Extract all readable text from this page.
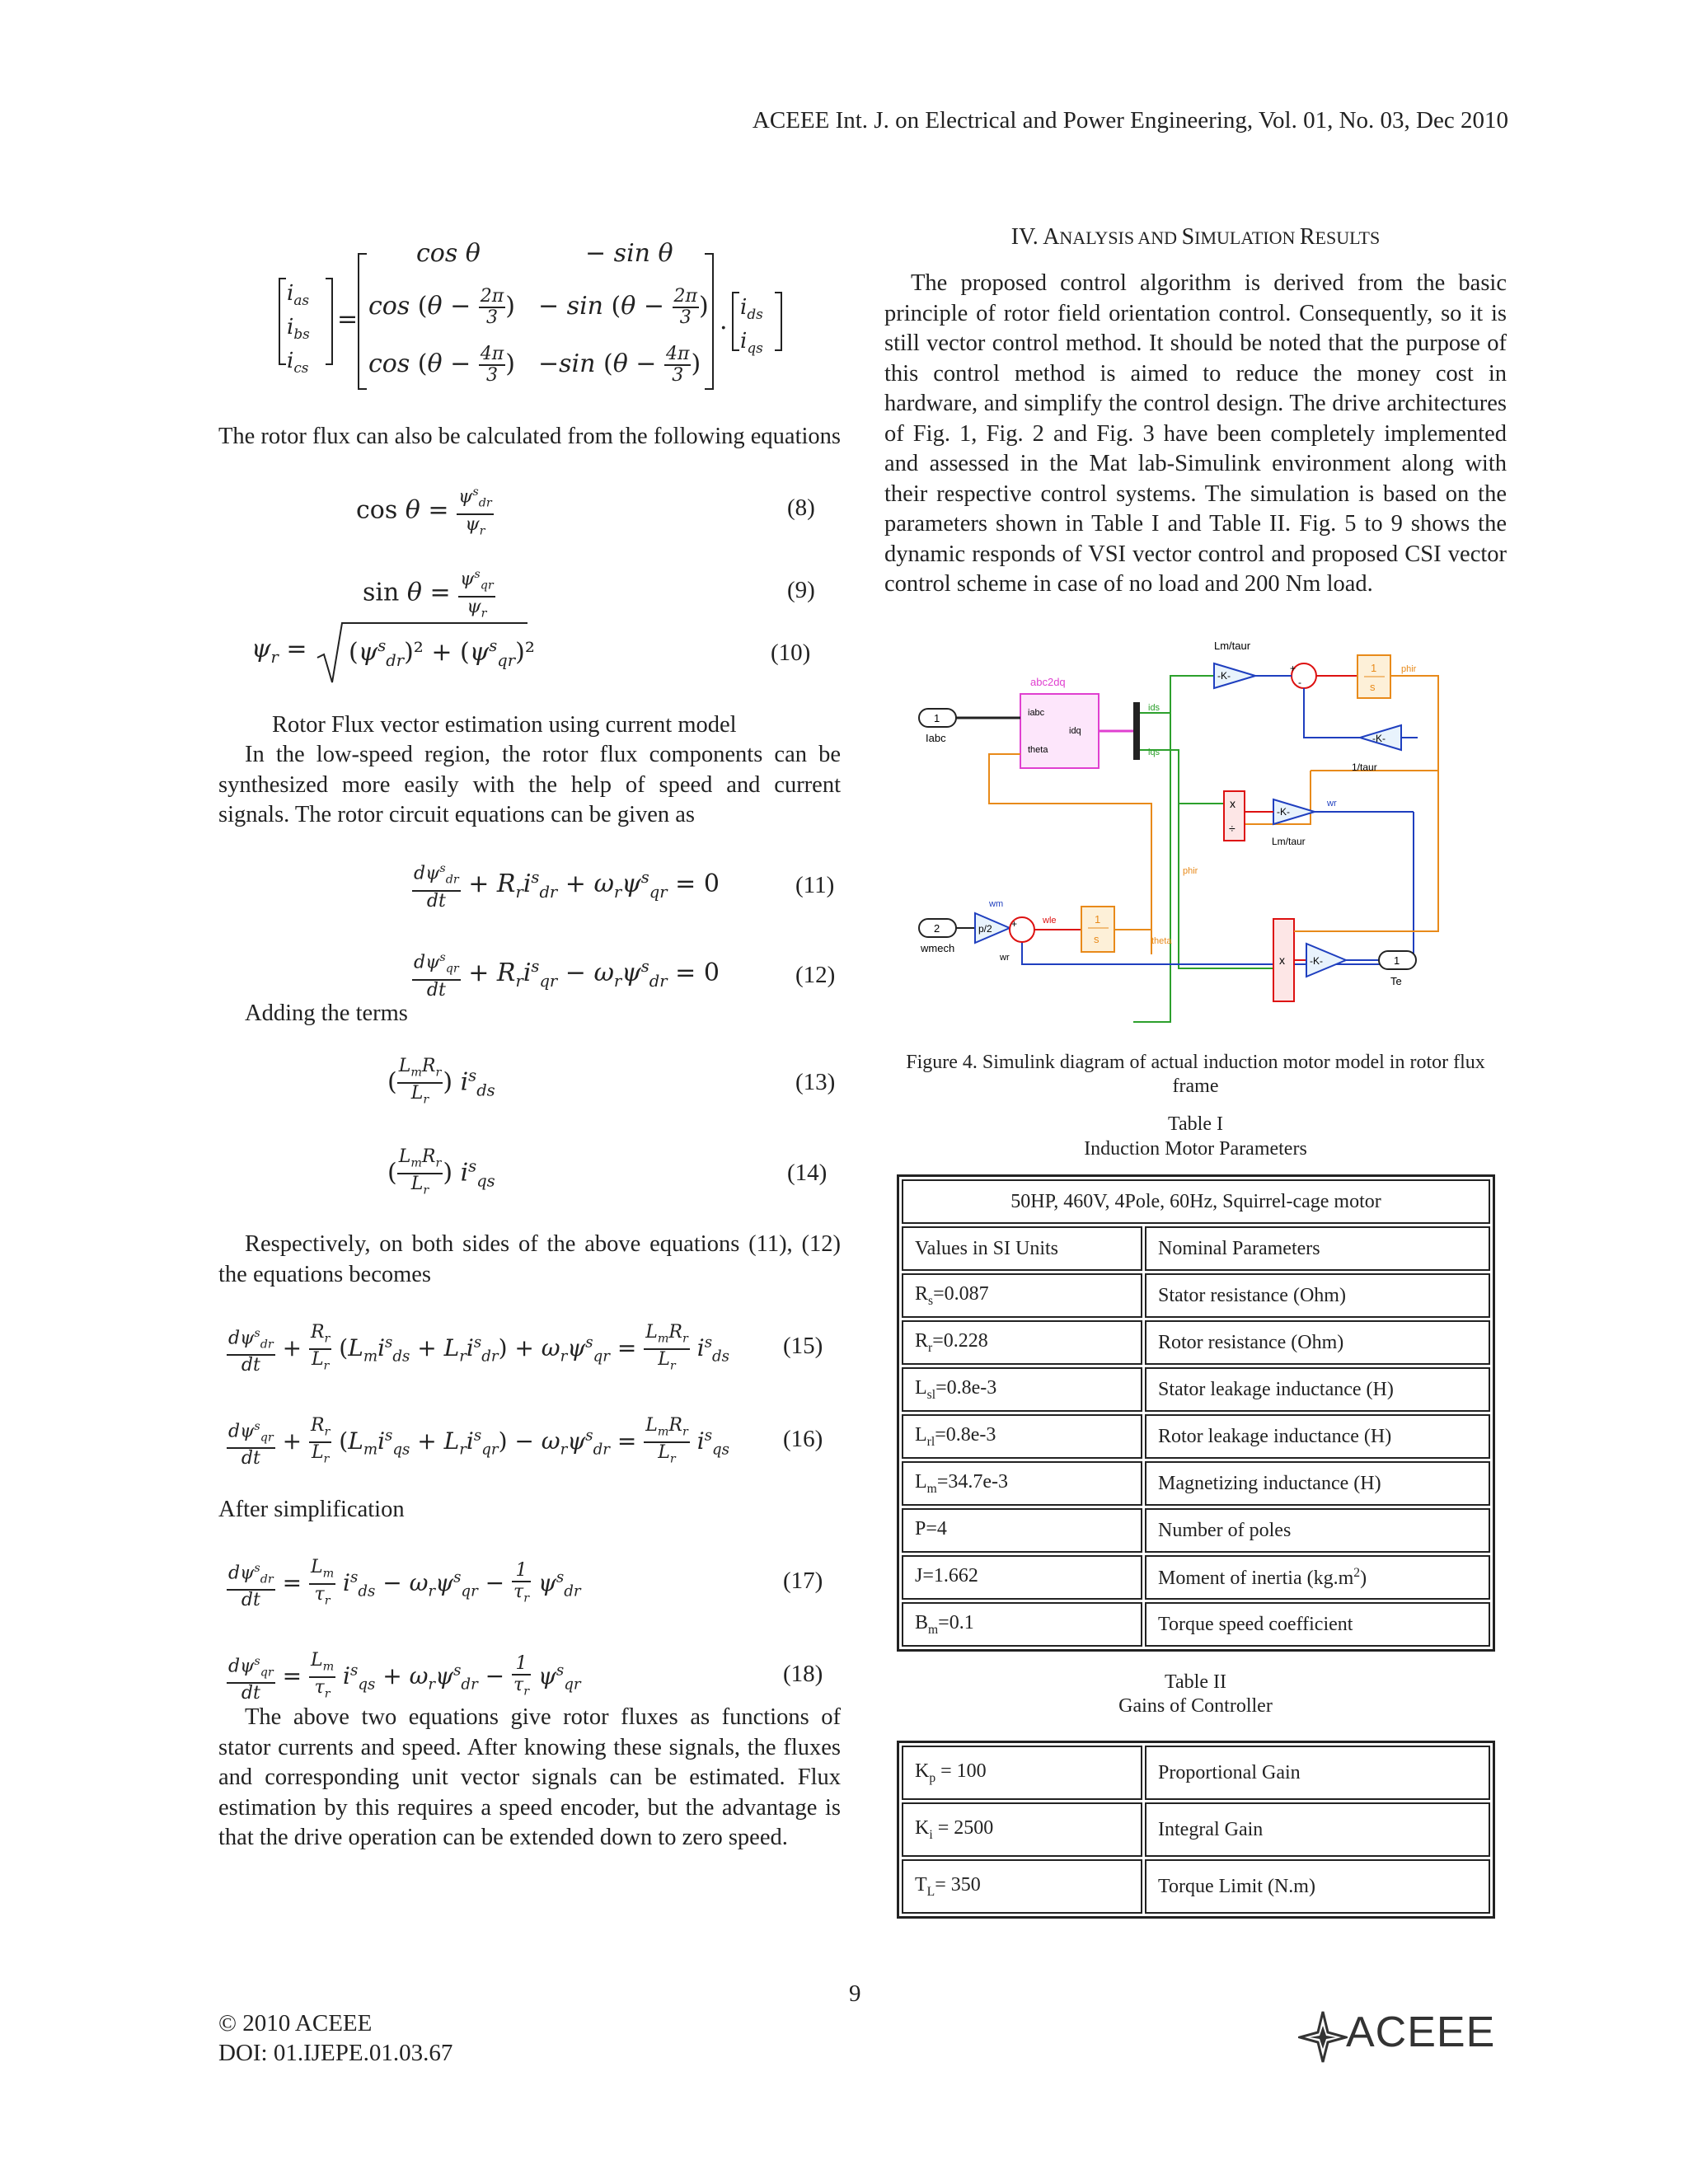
ACEEE Int. J. on Electrical and Power Engineering, Vol. 01, No. 03, Dec 2010
$i_{as}$
$i_{bs}$
$i_{cs}$
=
cos θ	− sin θ
$\cos (\theta - \frac{2\pi}{3}$ ) − $\sin (\theta - \frac{2\pi}{3}$ )
$\cos (\theta - \frac{4\pi}{3}$ ) −sin ($\theta - \frac{4\pi}{3}$ )
. $i_{ds}$
$i_{qs}$
The rotor flux can also be calculated from the following equations
$\cos \theta = \frac{\psi^s_{dr}}{\psi_r}$	(8)
$\sin \theta = \frac{\psi^s_{qr}}{\psi_r}$	(9)
$\psi_r = (\psi^s_{dr})^2 + (\psi^s_{qr})^2$	(10)
Rotor Flux vector estimation using current model
In the low-speed region, the rotor flux components can be synthesized more easily with the help of speed and current signals. The rotor circuit equations can be given as
$\frac{d\psi^s_{dr}}{dt} + R_ri^s_{dr} + \omega_r\psi^s_{qr} = 0$	(11)
$\frac{d\psi^s_{qr}}{dt} + R_ri^s_{qr} - \omega_r\psi^s_{dr} = 0$	(12)
Adding the terms
( $\frac{L_mR_r}{L_r}$ ) $i^s_{ds}$	(13)
( $\frac{L_mR_r}{L_r}$ ) $i^s_{qs}$	(14)
Respectively, on both sides of the above equations (11), (12) the equations becomes
$\frac{d\psi^s_{dr}}{dt} + \frac{R_r}{L_r} (L_mi^s_{ds} + L_ri^s_{dr}) + \omega_r\psi^s_{qr} = \frac{L_mR_r}{L_r} i^s_{ds}$ (15)
$\frac{d\psi^s_{qr}}{dt} + \frac{R_r}{L_r} (L_mi^s_{qs} + L_ri^s_{qr}) - \omega_r\psi^s_{dr} = \frac{L_mR_r}{L_r} i^s_{qs}$ (16)
After simplification
$\frac{d\psi^s_{dr}}{dt} = \frac{L_m}{\tau_r} i^s_{ds} - \omega_r\psi^s_{qr} - \frac{1}{\tau_r} \psi^s_{dr}$	(17)
$\frac{d\psi^s_{qr}}{dt} = \frac{L_m}{\tau_r} i^s_{qs} + \omega_r\psi^s_{dr} - \frac{1}{\tau_r} \psi^s_{qr}$	(18)
The above two equations give rotor fluxes as functions of stator currents and speed. After knowing these signals, the fluxes and corresponding unit vector signals can be estimated. Flux estimation by this requires a speed encoder, but the advantage is that the drive operation can be extended down to zero speed.
IV. ANALYSIS AND SIMULATION RESULTS
The proposed control algorithm is derived from the basic principle of rotor field orientation control. Consequently, so it is still vector control method. It should be noted that the purpose of this control method is aimed to reduce the money cost in hardware, and simplify the control design. The drive architectures of Fig. 1, Fig. 2 and Fig. 3 have been completely implemented and assessed in the Mat lab-Simulink environment along with their respective control systems. The simulation is based on the parameters shown in Table I and Table II. Fig. 5 to 9 shows the dynamic responds of VSI vector control and proposed CSI vector control scheme in case of no load and 200 Nm load.
abc2dq
iabc
theta
idq
1
Iabc
ids
iqs
-K-
Lm/taur
+
-
1
s
phir
-K-
1/taur
phir
x
÷
-K-
Lm/taur
wr
2
wmech
p/2
wm
+	wle
wr
1
s	theta
x	-K-	1
Te
Figure 4. Simulink diagram of actual induction motor model in rotor flux frame
Table I
Induction Motor Parameters
50HP, 460V, 4Pole, 60Hz, Squirrel-cage motor	
Values in SI Units	Nominal Parameters
$R_s=0.087$	Stator resistance (Ohm)
$R_r=0.228$	Rotor resistance (Ohm)
$L_{sl}=0.8e-3$	Stator leakage inductance (H)
$L_{rl}=0.8e-3$	Rotor leakage inductance (H)
$L_m=34.7e-3$	Magnetizing inductance (H)
P=4	Number of poles
J=1.662	Moment of inertia $(kg.m^2)$
$B_m=0.1$	Torque speed coefficient
Table II
Gains of Controller
$K_p = 100$	Proportional Gain
$K_i = 2500$	Integral Gain
$T_L= 350$	Torque Limit (N.m)
9
© 2010 ACEEE
DOI: 01.IJEPE.01.03.67	ACEEE
